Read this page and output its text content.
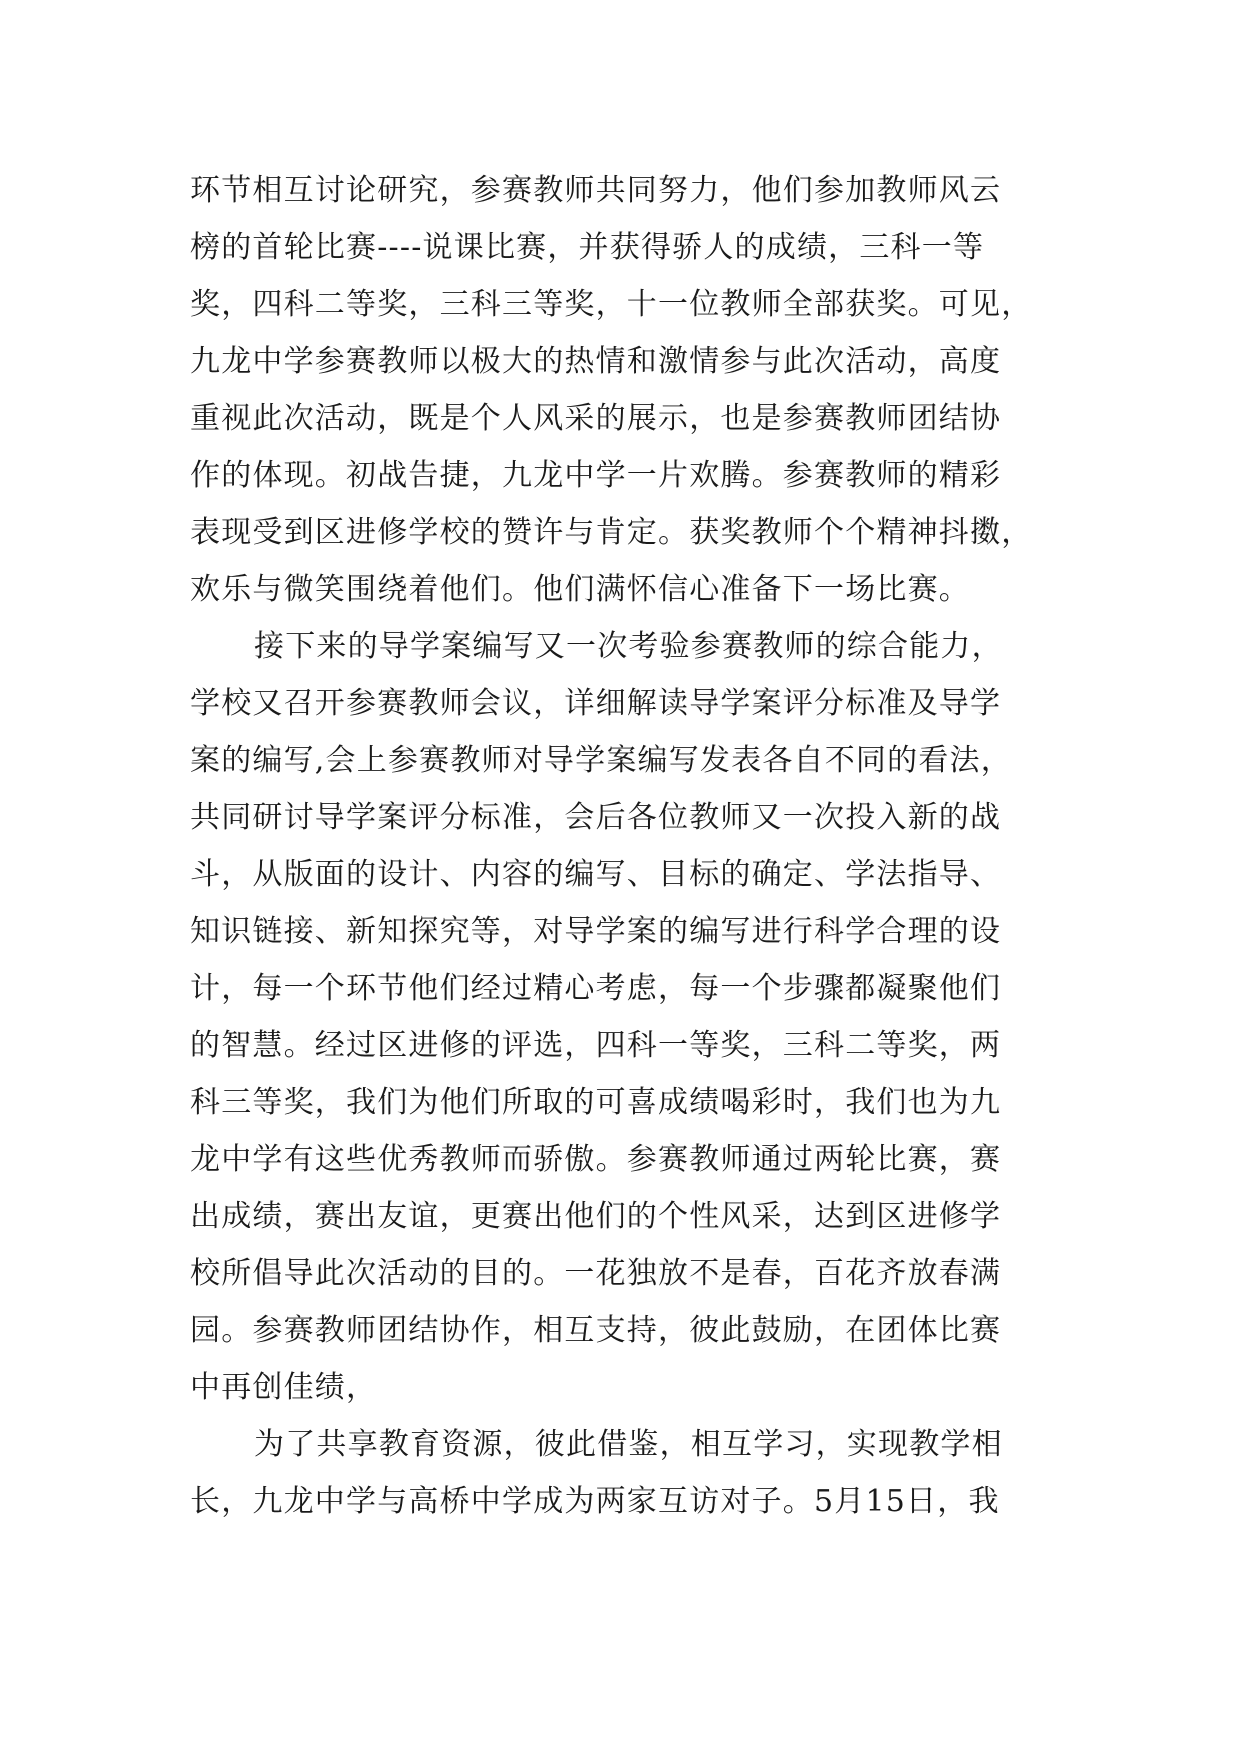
环节相互讨论研究，参赛教师共同努力，他们参加教师风云
榜的首轮比赛----说课比赛，并获得骄人的成绩，三科一等
奖，四科二等奖，三科三等奖，十一位教师全部获奖。可见，
九龙中学参赛教师以极大的热情和激情参与此次活动，高度
重视此次活动，既是个人风采的展示，也是参赛教师团结协
作的体现。初战告捷，九龙中学一片欢腾。参赛教师的精彩
表现受到区进修学校的赞许与肯定。获奖教师个个精神抖擞，
欢乐与微笑围绕着他们。他们满怀信心准备下一场比赛。
接下来的导学案编写又一次考验参赛教师的综合能力，
学校又召开参赛教师会议，详细解读导学案评分标准及导学
案的编写,会上参赛教师对导学案编写发表各自不同的看法，
共同研讨导学案评分标准，会后各位教师又一次投入新的战
斗，从版面的设计、内容的编写、目标的确定、学法指导、
知识链接、新知探究等，对导学案的编写进行科学合理的设
计，每一个环节他们经过精心考虑，每一个步骤都凝聚他们
的智慧。经过区进修的评选，四科一等奖，三科二等奖，两
科三等奖，我们为他们所取的可喜成绩喝彩时，我们也为九
龙中学有这些优秀教师而骄傲。参赛教师通过两轮比赛，赛
出成绩，赛出友谊，更赛出他们的个性风采，达到区进修学
校所倡导此次活动的目的。一花独放不是春，百花齐放春满
园。参赛教师团结协作，相互支持，彼此鼓励，在团体比赛
中再创佳绩，
为了共享教育资源，彼此借鉴，相互学习，实现教学相
长，九龙中学与高桥中学成为两家互访对子。5月15日，我
